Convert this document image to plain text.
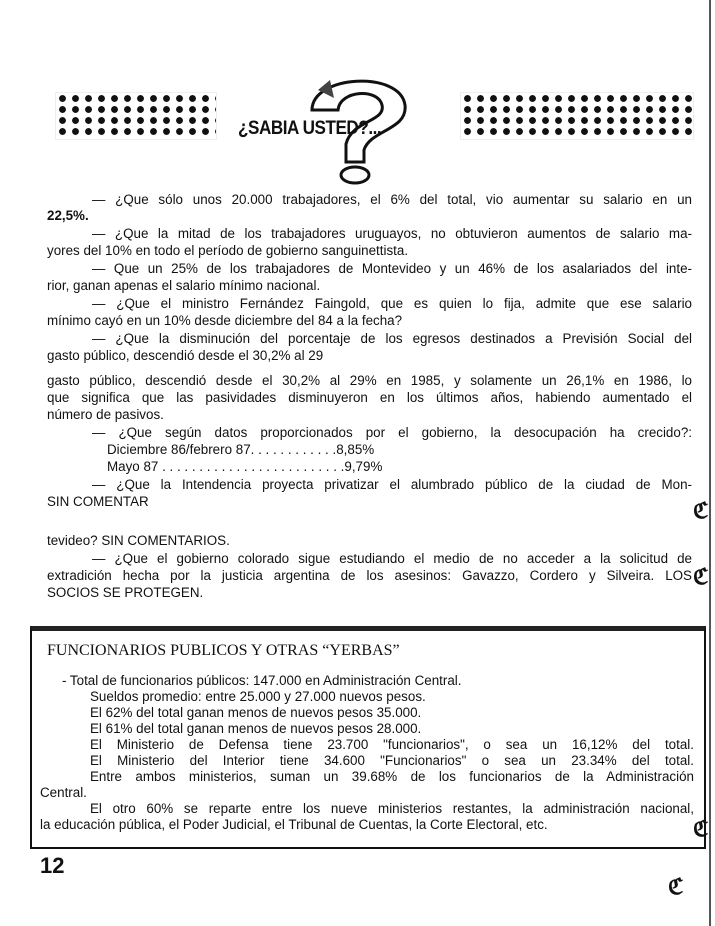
¿SABIA USTED?...
— ¿Que sólo unos 20.000 trabajadores, el 6% del total, vio aumentar su salario en un
22,5%.
— ¿Que la mitad de los trabajadores uruguayos, no obtuvieron aumentos de salario ma-
yores del 10% en todo el período de gobierno sanguinettista.
— Que un 25% de los trabajadores de Montevideo y un 46% de los asalariados del inte-
rior, ganan apenas el salario mínimo nacional.
— ¿Que el ministro Fernández Faingold, que es quien lo fija, admite que ese salario
mínimo cayó en un 10% desde diciembre del 84 a la fecha?
— ¿Que la disminución del porcentaje de los egresos destinados a Previsión Social del
gasto público, descendió desde el 30,2% al 29
gasto público, descendió desde el 30,2% al 29% en 1985, y solamente un 26,1% en 1986, lo
que significa que las pasividades disminuyeron en los últimos años, habiendo aumentado el
número de pasivos.
— ¿Que según datos proporcionados por el gobierno, la desocupación ha crecido?:
Diciembre 86/febrero 87. . . . . . . . . . . .8,85%
Mayo 87 . . . . . . . . . . . . . . . . . . . . . . . . .9,79%
— ¿Que la Intendencia proyecta privatizar el alumbrado público de la ciudad de Mon-
SIN COMENTAR
tevideo? SIN COMENTARIOS.
— ¿Que el gobierno colorado sigue estudiando el medio de no acceder a la solicitud de
extradición hecha por la justicia argentina de los asesinos: Gavazzo, Cordero y Silveira. LOS
SOCIOS SE PROTEGEN.
ℭ
ℭ
FUNCIONARIOS PUBLICOS Y OTRAS “YERBAS”
- Total de funcionarios públicos: 147.000 en Administración Central.
Sueldos promedio: entre 25.000 y 27.000 nuevos pesos.
El 62% del total ganan menos de nuevos pesos 35.000.
El 61% del total ganan menos de nuevos pesos 28.000.
El Ministerio de Defensa tiene 23.700 "funcionarios", o sea un 16,12% del total.
El Ministerio del Interior tiene 34.600 "Funcionarios" o sea un 23.34% del total.
Entre ambos ministerios, suman un 39.68% de los funcionarios de la Administración
Central.
El otro 60% se reparte entre los nueve ministerios restantes, la administración nacional,
la educación pública, el Poder Judicial, el Tribunal de Cuentas, la Corte Electoral, etc.	ℭ
12
ℭ
